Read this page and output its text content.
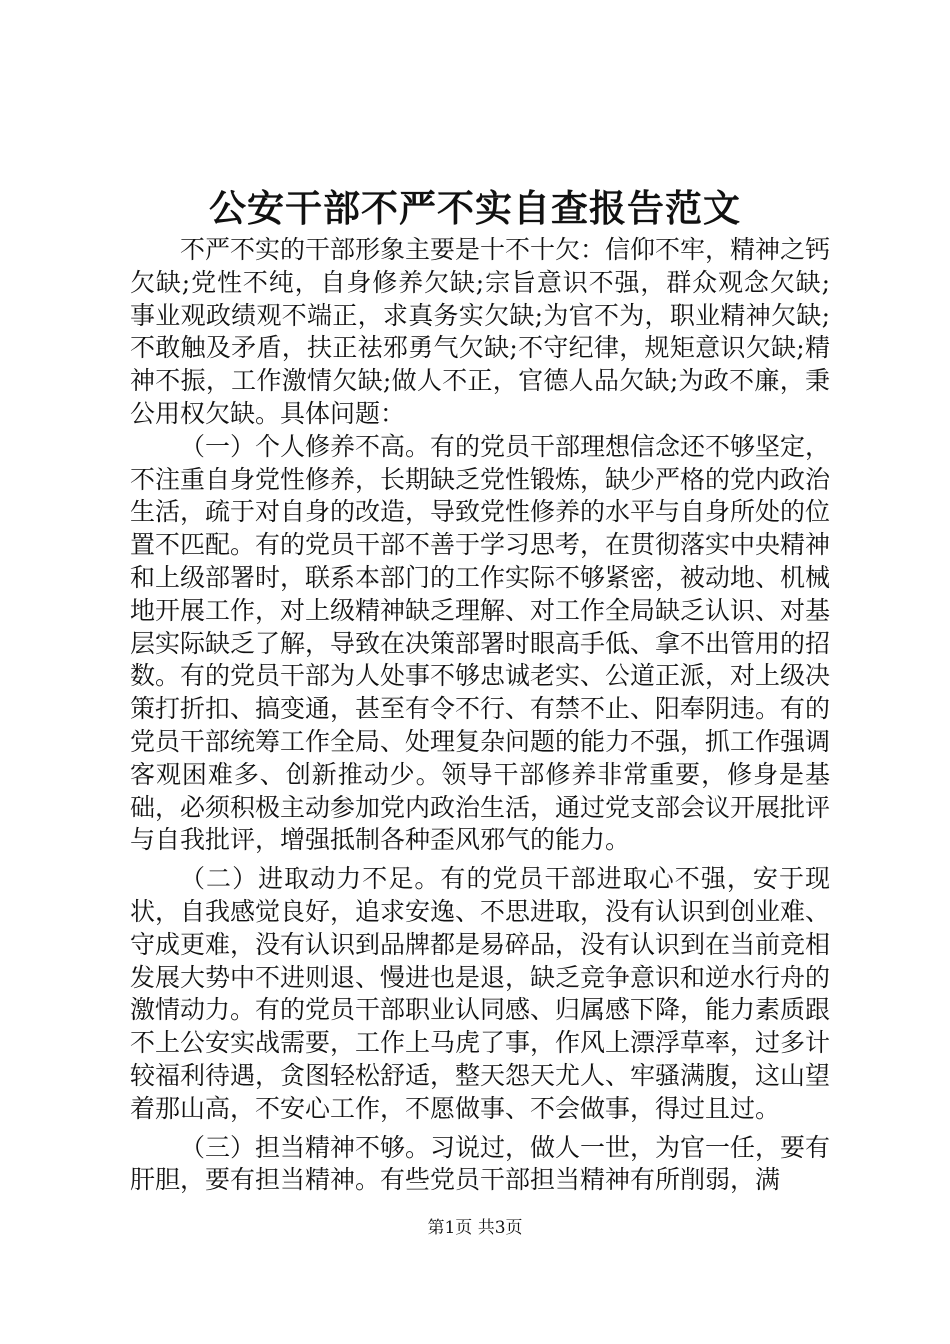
公安干部不严不实自查报告范文

不严不实的干部形象主要是十不十欠：信仰不牢，精神之钙欠缺;党性不纯，自身修养欠缺;宗旨意识不强，群众观念欠缺;事业观政绩观不端正，求真务实欠缺;为官不为，职业精神欠缺;不敢触及矛盾，扶正祛邪勇气欠缺;不守纪律，规矩意识欠缺;精神不振，工作激情欠缺;做人不正，官德人品欠缺;为政不廉，秉公用权欠缺。具体问题：

（一）个人修养不高。有的党员干部理想信念还不够坚定，不注重自身党性修养，长期缺乏党性锻炼，缺少严格的党内政治生活，疏于对自身的改造，导致党性修养的水平与自身所处的位置不匹配。有的党员干部不善于学习思考，在贯彻落实中央精神和上级部署时，联系本部门的工作实际不够紧密，被动地、机械地开展工作，对上级精神缺乏理解、对工作全局缺乏认识、对基层实际缺乏了解，导致在决策部署时眼高手低、拿不出管用的招数。有的党员干部为人处事不够忠诚老实、公道正派，对上级决策打折扣、搞变通，甚至有令不行、有禁不止、阳奉阴违。有的党员干部统筹工作全局、处理复杂问题的能力不强，抓工作强调客观困难多、创新推动少。领导干部修养非常重要，修身是基础，必须积极主动参加党内政治生活，通过党支部会议开展批评与自我批评，增强抵制各种歪风邪气的能力。

（二）进取动力不足。有的党员干部进取心不强，安于现状，自我感觉良好，追求安逸、不思进取，没有认识到创业难、守成更难，没有认识到品牌都是易碎品，没有认识到在当前竞相发展大势中不进则退、慢进也是退，缺乏竞争意识和逆水行舟的激情动力。有的党员干部职业认同感、归属感下降，能力素质跟不上公安实战需要，工作上马虎了事，作风上漂浮草率，过多计较福利待遇，贪图轻松舒适，整天怨天尤人、牢骚满腹，这山望着那山高，不安心工作，不愿做事、不会做事，得过且过。

（三）担当精神不够。习说过，做人一世，为官一任，要有肝胆，要有担当精神。有些党员干部担当精神有所削弱，满

第1页 共3页
